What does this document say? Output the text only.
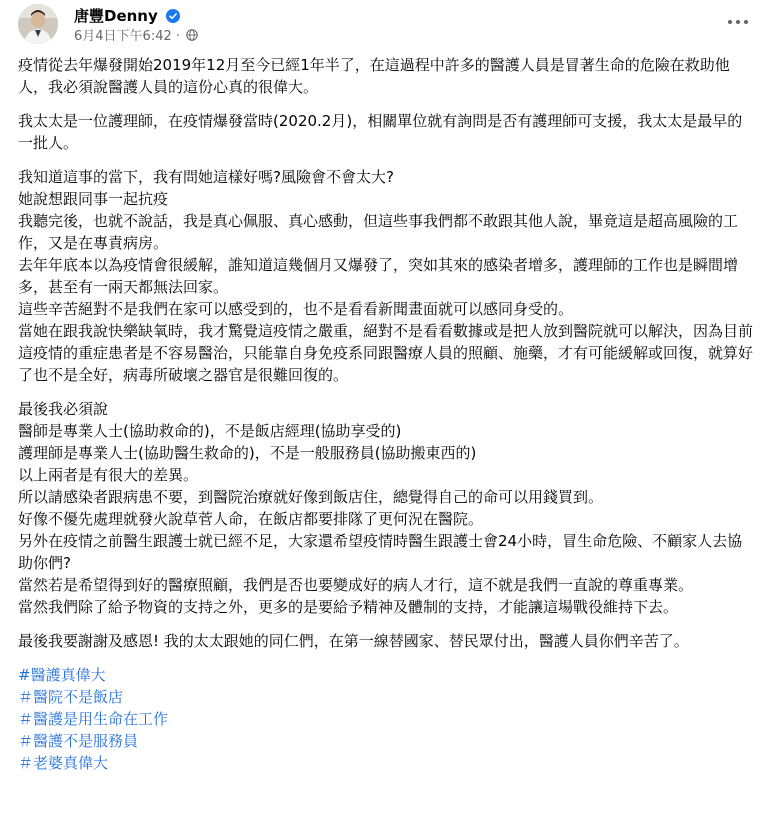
唐豐Denny
6月4日下午6:42 ·

疫情從去年爆發開始2019年12月至今已經1年半了，在這過程中許多的醫護人員是冒著生命的危險在救助他人，我必須說醫護人員的這份心真的很偉大。

我太太是一位護理師，在疫情爆發當時(2020.2月)，相關單位就有詢問是否有護理師可支援，我太太是最早的一批人。

我知道這事的當下，我有問她這樣好嗎?風險會不會太大?
她說想跟同事一起抗疫
我聽完後，也就不說話，我是真心佩服、真心感動，但這些事我們都不敢跟其他人說，畢竟這是超高風險的工作，又是在專責病房。
去年年底本以為疫情會很緩解，誰知道這幾個月又爆發了，突如其來的感染者增多，護理師的工作也是瞬間增多，甚至有一兩天都無法回家。
這些辛苦絕對不是我們在家可以感受到的，也不是看看新聞畫面就可以感同身受的。
當她在跟我說快樂缺氧時，我才驚覺這疫情之嚴重，絕對不是看看數據或是把人放到醫院就可以解決，因為目前這疫情的重症患者是不容易醫治，只能靠自身免疫系同跟醫療人員的照顧、施藥，才有可能緩解或回復，就算好了也不是全好，病毒所破壞之器官是很難回復的。

最後我必須說
醫師是專業人士(協助救命的)，不是飯店經理(協助享受的)
護理師是專業人士(協助醫生救命的)，不是一般服務員(協助搬東西的)
以上兩者是有很大的差異。
所以請感染者跟病患不要，到醫院治療就好像到飯店住，總覺得自己的命可以用錢買到。
好像不優先處理就發火說草菅人命，在飯店都要排隊了更何況在醫院。
另外在疫情之前醫生跟護士就已經不足，大家還希望疫情時醫生跟護士會24小時，冒生命危險、不顧家人去協助你們?
當然若是希望得到好的醫療照顧，我們是否也要變成好的病人才行，這不就是我們一直說的尊重專業。
當然我們除了給予物資的支持之外，更多的是要給予精神及體制的支持，才能讓這場戰役維持下去。

最後我要謝謝及感恩! 我的太太跟她的同仁們，在第一線替國家、替民眾付出，醫護人員你們辛苦了。

#醫護真偉大
＃醫院不是飯店
＃醫護是用生命在工作
＃醫護不是服務員
＃老婆真偉大
